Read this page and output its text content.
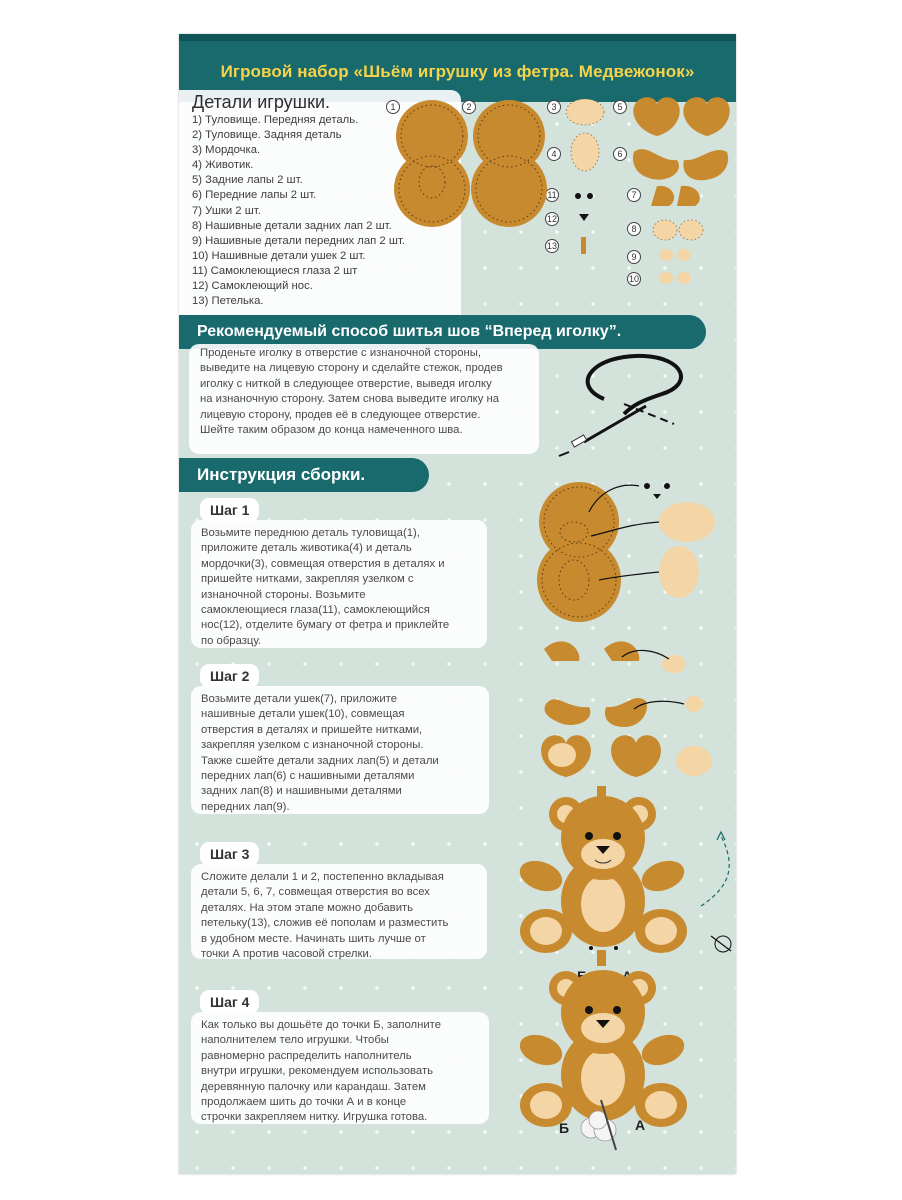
Игровой набор «Шьём игрушку из фетра. Медвежонок»
Детали игрушки.
1) Туловище. Передняя деталь.
2) Туловище. Задняя деталь
3) Мордочка.
4) Животик.
5) Задние лапы 2 шт.
6) Передние лапы 2 шт.
7) Ушки 2 шт.
8) Нашивные детали задних лап 2 шт.
9) Нашивные детали передних лап 2 шт.
10) Нашивные детали ушек 2 шт.
11) Самоклеющиеся глаза 2 шт
12) Самоклеющий нос.
13) Петелька.
1	2	3
4
5
6
7
8
9
10
11
12
13
Рекомендуемый способ шитья шов “Вперед иголку”.
Проденьте иголку в отверстие с изнаночной стороны,
выведите на лицевую сторону и сделайте стежок, продев
иголку с ниткой в следующее отверстие, выведя иголку
на изнаночную сторону. Затем снова выведите иголку на
лицевую сторону, продев её в следующее отверстие.
Шейте таким образом до конца намеченного шва.
Инструкция сборки.
Шаг 1
Возьмите переднюю деталь туловища(1),
приложите деталь животика(4) и деталь
мордочки(3), совмещая отверстия в деталях и
пришейте нитками, закрепляя узелком с
изнаночной стороны. Возьмите
самоклеющиеся глаза(11), самоклеющийся
нос(12), отделите бумагу от фетра и приклейте
по образцу.
Шаг 2
Возьмите детали ушек(7), приложите
нашивные детали ушек(10), совмещая
отверстия в деталях и пришейте нитками,
закрепляя узелком с изнаночной стороны.
Также сшейте детали задних лап(5) и детали
передних лап(6) с нашивными деталями
задних лап(8) и нашивными деталями
передних лап(9).
Шаг 3
Сложите делали 1 и 2, постепенно вкладывая
детали 5, 6, 7, совмещая отверстия во всех
деталях. На этом этапе можно добавить
петельку(13), сложив её пополам и разместить
в удобном месте. Начинать шить лучше от
точки А против часовой стрелки.
Шаг 4
Как только вы дошьёте до точки Б, заполните
наполнителем тело игрушки. Чтобы
равномерно распределить наполнитель
внутри игрушки, рекомендуем использовать
деревянную палочку или карандаш. Затем
продолжаем шить до точки А и в конце
строчки закрепляем нитку. Игрушка готова.
Б	А
